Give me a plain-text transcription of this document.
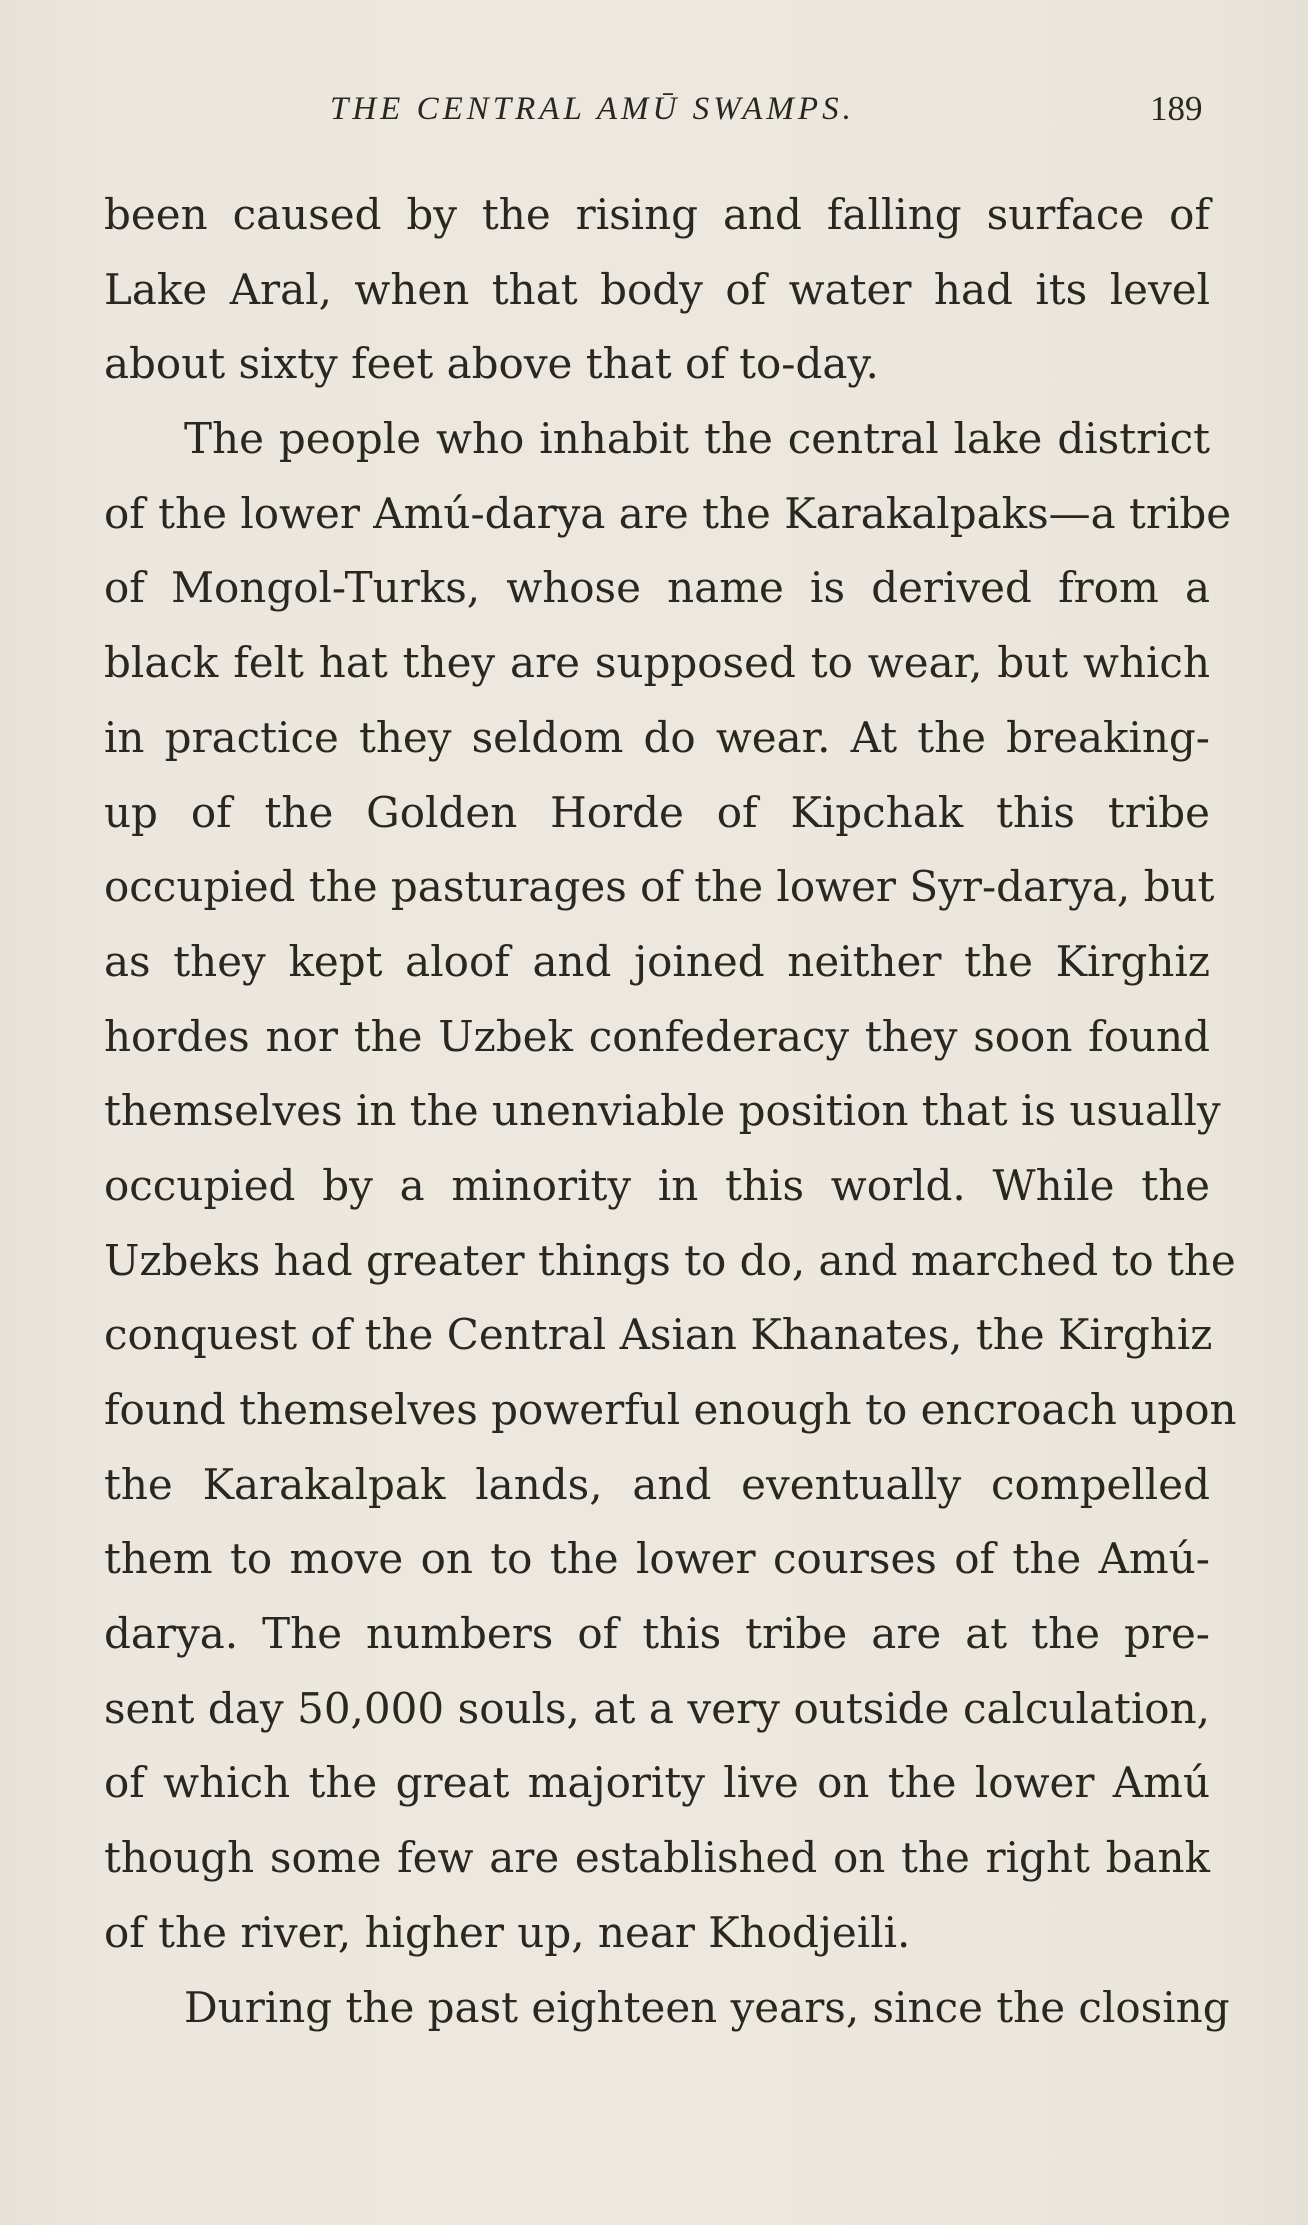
THE CENTRAL AMŪ SWAMPS.	189
been caused by the rising and falling surface of
Lake Aral, when that body of water had its level
about sixty feet above that of to-day.
The people who inhabit the central lake district
of the lower Amú-darya are the Karakalpaks—a tribe
of Mongol-Turks, whose name is derived from a
black felt hat they are supposed to wear, but which
in practice they seldom do wear. At the breaking-
up of the Golden Horde of Kipchak this tribe
occupied the pasturages of the lower Syr-darya, but
as they kept aloof and joined neither the Kirghiz
hordes nor the Uzbek confederacy they soon found
themselves in the unenviable position that is usually
occupied by a minority in this world. While the
Uzbeks had greater things to do, and marched to the
conquest of the Central Asian Khanates, the Kirghiz
found themselves powerful enough to encroach upon
the Karakalpak lands, and eventually compelled
them to move on to the lower courses of the Amú-
darya. The numbers of this tribe are at the pre-
sent day 50,000 souls, at a very outside calculation,
of which the great majority live on the lower Amú
though some few are established on the right bank
of the river, higher up, near Khodjeili.
During the past eighteen years, since the closing
